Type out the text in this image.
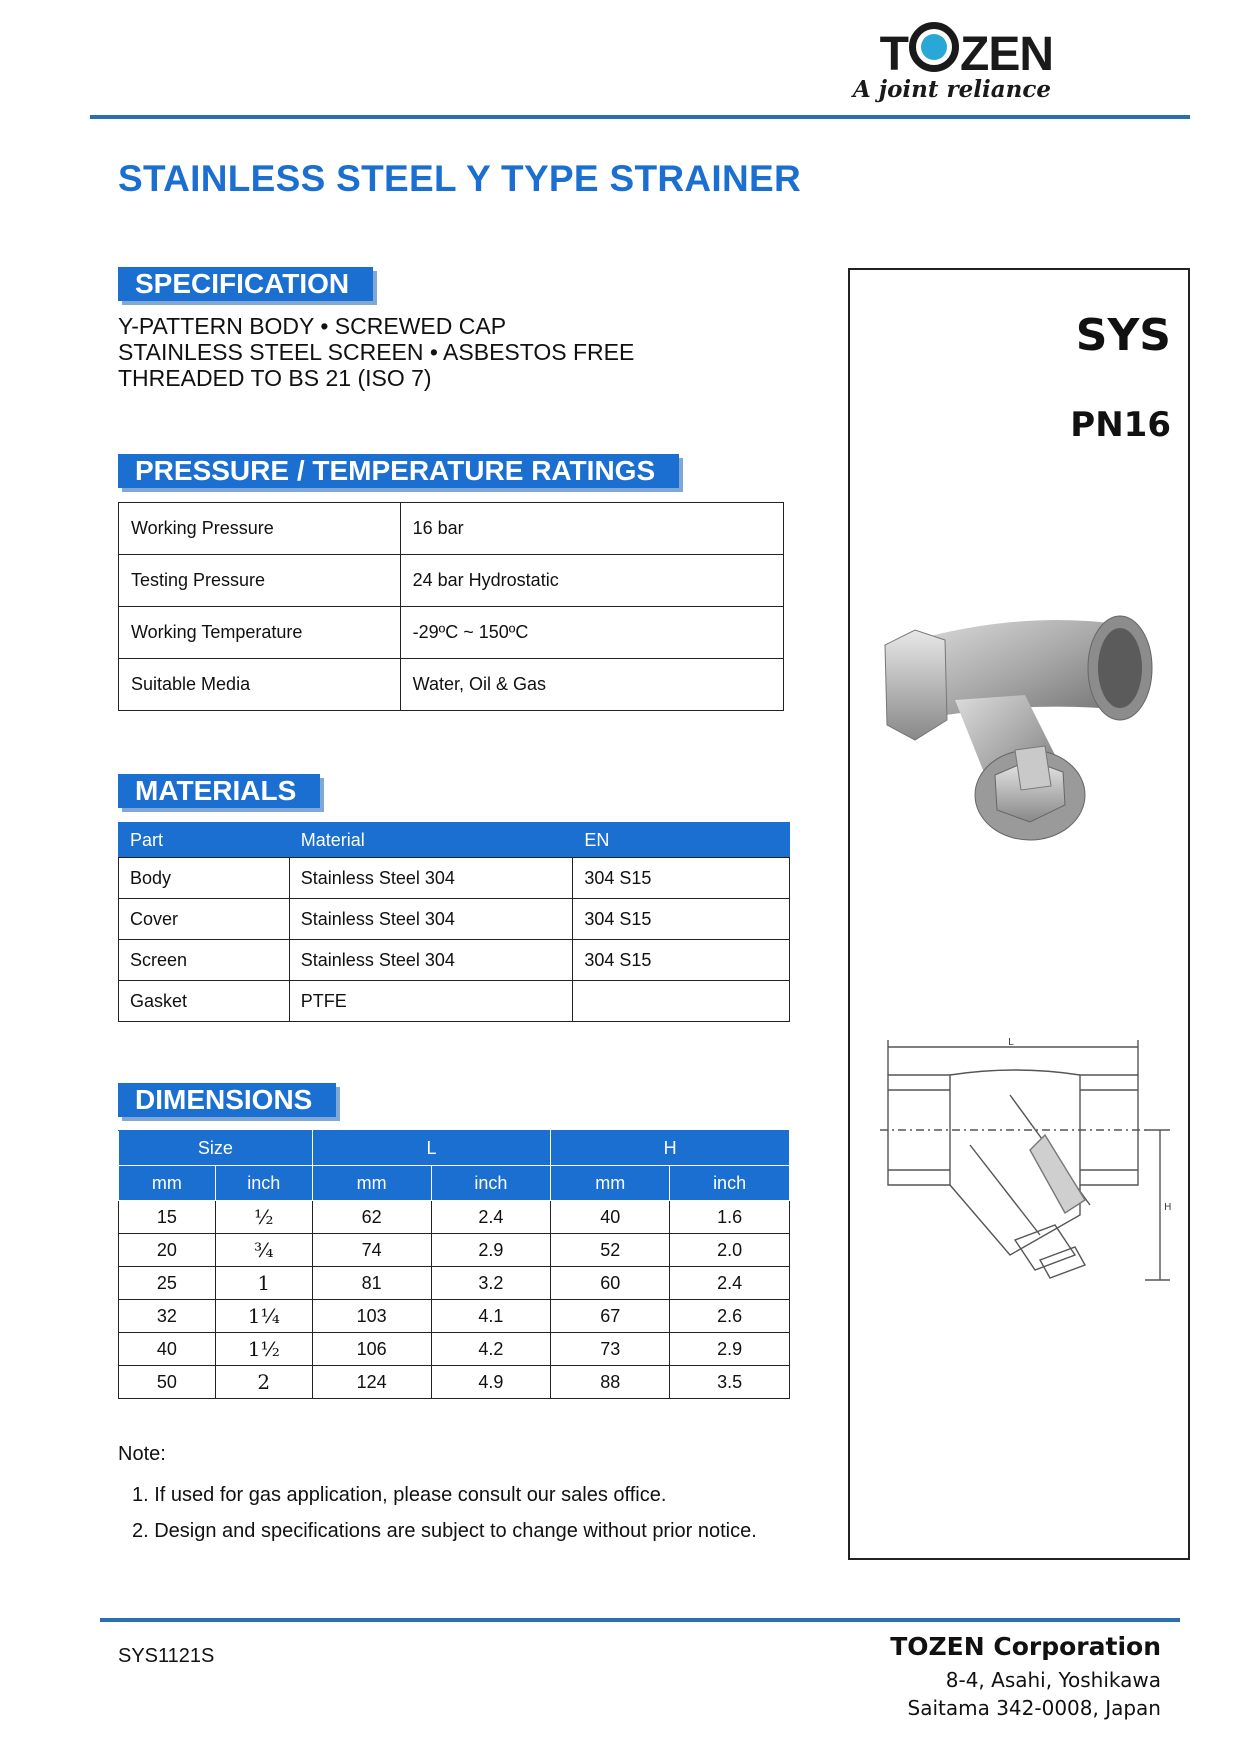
T ZEN
A joint reliance
STAINLESS STEEL Y TYPE STRAINER
SPECIFICATION
Y-PATTERN BODY • SCREWED CAP
STAINLESS STEEL SCREEN • ASBESTOS FREE
THREADED TO BS 21 (ISO 7)
PRESSURE / TEMPERATURE RATINGS
Working Pressure	16 bar
Testing Pressure	24 bar Hydrostatic
Working Temperature	-29ºC ~ 150ºC
Suitable Media	Water, Oil & Gas
MATERIALS
Part	Material	EN
Body	Stainless Steel 304	304 S15
Cover	Stainless Steel 304	304 S15
Screen	Stainless Steel 304	304 S15
Gasket	PTFE	
DIMENSIONS
Size		L		H	
mm	inch	mm	inch	mm	inch
15	½	62	2.4	40	1.6
20	¾	74	2.9	52	2.0
25	1	81	3.2	60	2.4
32	1¼	103	4.1	67	2.6
40	1½	106	4.2	73	2.9
50	2	124	4.9	88	3.5
Note:
1. If used for gas application, please consult our sales office.
2. Design and specifications are subject to change without prior notice.
SYS
PN16
L
H
SYS1121S	TOZEN Corporation
8-4, Asahi, Yoshikawa
Saitama 342-0008, Japan
